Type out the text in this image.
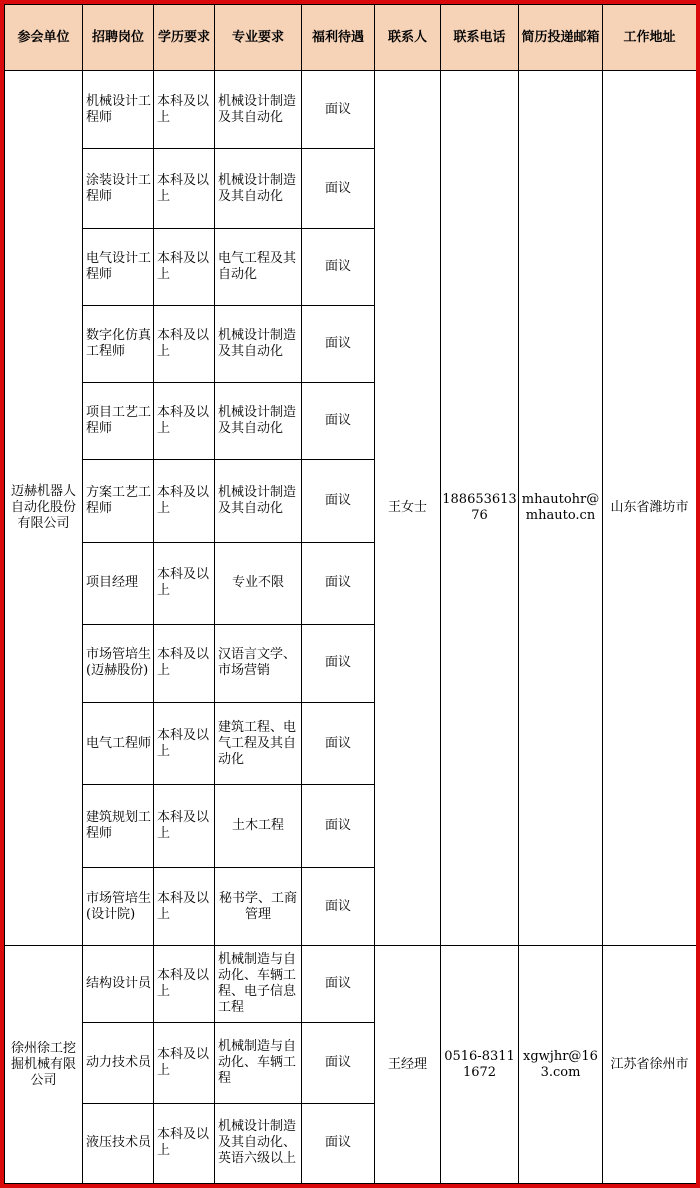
参会单位	招聘岗位	学历要求	专业要求	福利待遇	联系人	联系电话	简历投递邮箱	工作地址
迈赫机器人自动化股份有限公司	机械设计工程师	本科及以上	机械设计制造及其自动化	面议	王女士	18865361376	mhautohr@mhauto.cn	山东省潍坊市
	涂装设计工程师	本科及以上	机械设计制造及其自动化	面议				
	电气设计工程师	本科及以上	电气工程及其自动化	面议				
	数字化仿真工程师	本科及以上	机械设计制造及其自动化	面议				
	项目工艺工程师	本科及以上	机械设计制造及其自动化	面议				
	方案工艺工程师	本科及以上	机械设计制造及其自动化	面议				
	项目经理	本科及以上	专业不限	面议				
	市场管培生(迈赫股份)	本科及以上	汉语言文学、市场营销	面议				
	电气工程师	本科及以上	建筑工程、电气工程及其自动化	面议				
	建筑规划工程师	本科及以上	土木工程	面议				
	市场管培生(设计院)	本科及以上	秘书学、工商管理	面议				
徐州徐工挖掘机械有限公司	结构设计员	本科及以上	机械制造与自动化、车辆工程、电子信息工程	面议	王经理	0516-83111672	xgwjhr@163.com	江苏省徐州市
	动力技术员	本科及以上	机械制造与自动化、车辆工程	面议				
	液压技术员	本科及以上	机械设计制造及其自动化、英语六级以上	面议				
